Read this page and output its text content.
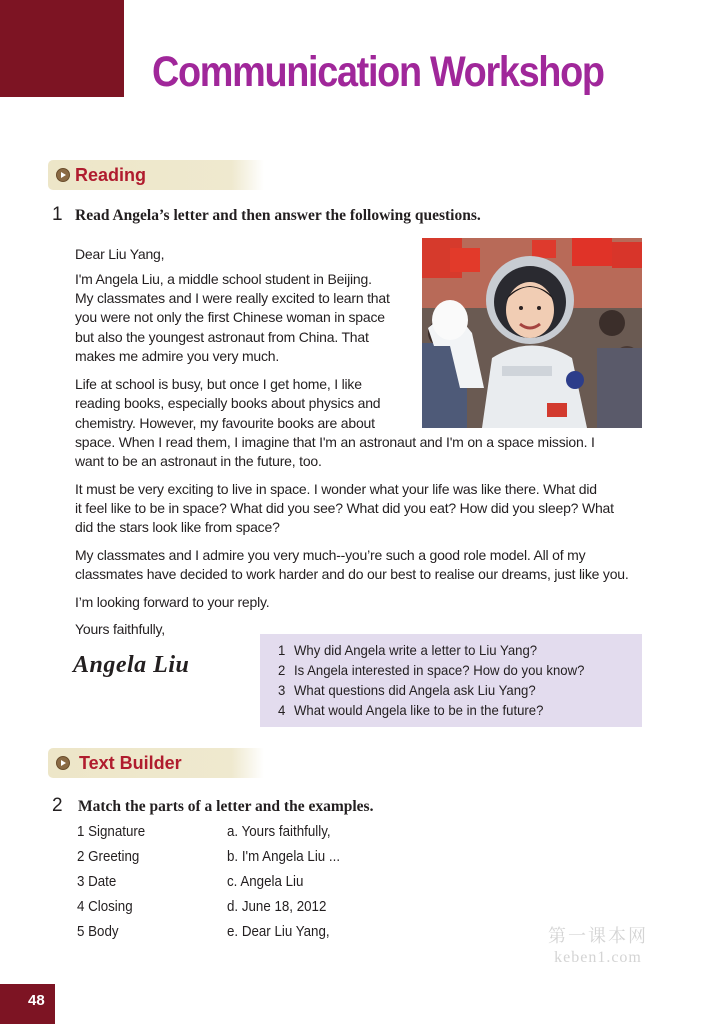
Communication Workshop
Reading
1 Read Angela’s letter and then answer the following questions.

Dear Liu Yang,

I'm Angela Liu, a middle school student in Beijing.

My classmates and I were really excited to learn that

you were not only the first Chinese woman in space

but also the youngest astronaut from China. That

makes me admire you very much.

Life at school is busy, but once I get home, I like

reading books, especially books about physics and

chemistry. However, my favourite books are about

space. When I read them, I imagine that I'm an astronaut and I'm on a space mission. I

want to be an astronaut in the future, too.

It must be very exciting to live in space. I wonder what your life was like there. What did

it feel like to be in space? What did you see? What did you eat? How did you sleep? What

did the stars look like from space?

My classmates and I admire you very much--you’re such a good role model. All of my

classmates have decided to work harder and do our best to realise our dreams, just like you.

I’m looking forward to your reply.

Yours faithfully,

Angela Liu
1 Why did Angela write a letter to Liu Yang?
2 Is Angela interested in space? How do you know?
3 What questions did Angela ask Liu Yang?
4 What would Angela like to be in the future?
Text Builder
2 Match the parts of a letter and the examples.
1 Signature
2 Greeting
3 Date
4 Closing
5 Body
a. Yours faithfully,
b. I'm Angela Liu ...
c. Angela Liu
d. June 18, 2012
e. Dear Liu Yang,	第一课本网
keben1.com
48
